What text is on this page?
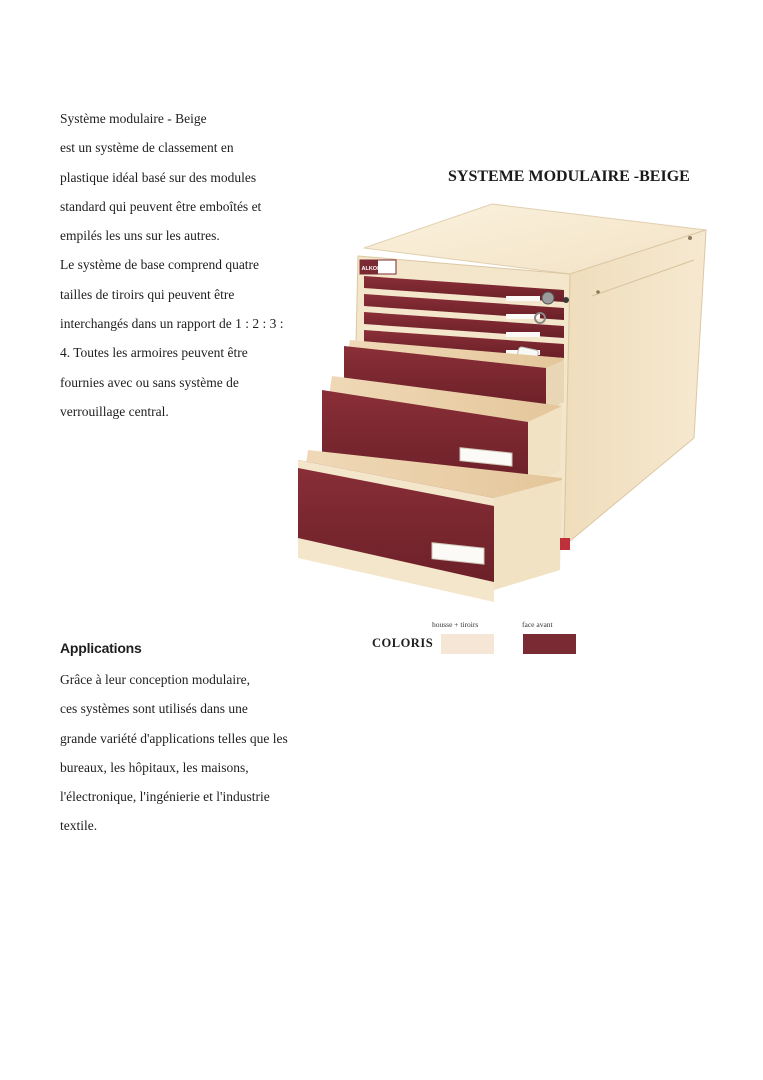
Système modulaire - Beige
est un système de classement en
plastique idéal basé sur des modules
standard qui peuvent être emboîtés et
empilés les uns sur les autres.
Le système de base comprend quatre
tailles de tiroirs qui peuvent être
interchangés dans un rapport de 1 : 2 : 3 :
4. Toutes les armoires peuvent être
fournies avec ou sans système de
verrouillage central.
SYSTEME MODULAIRE -BEIGE
ALKON
Applications
Grâce à leur conception modulaire,
ces systèmes sont utilisés dans une
grande variété d'applications telles que les
bureaux, les hôpitaux, les maisons,
l'électronique, l'ingénierie et l'industrie
textile.

COLORIS

housse + tiroirs	face avant
